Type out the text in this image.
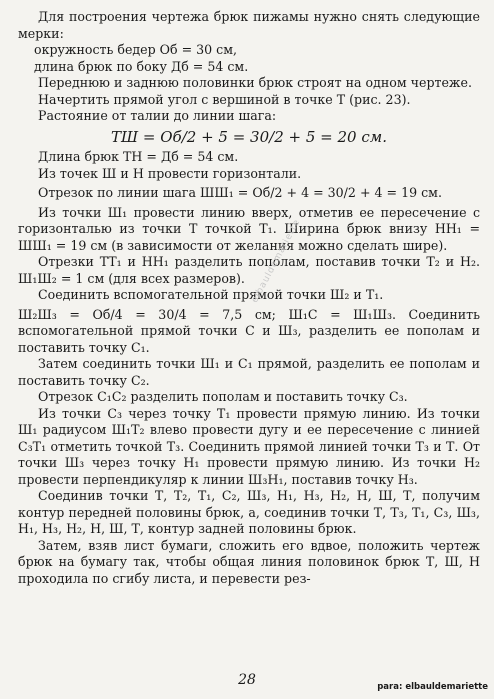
Для построения чертежа брюк пижамы нужно снять следующие мерки:

окружность бедер Об = 30 см,

длина брюк по боку Дб = 54 см.

Переднюю и заднюю половинки брюк строят на одном чертеже.

Начертить прямой угол с вершиной в точке Т (рис. 23).

Растояние от талии до линии шага:

ТШ = Об/2 + 5 = 30/2 + 5 = 20 см.

Длина брюк ТН = Дб = 54 см.

Из точек Ш и Н провести горизонтали.

Отрезок по линии шага ШШ₁ = Об/2 + 4 = 30/2 + 4 = 19 см.

Из точки Ш₁ провести линию вверх, отметив ее пересечение с горизонталью из точки Т точкой Т₁. Ширина брюк внизу НН₁ = ШШ₁ = 19 см (в зависимости от желания можно сделать шире).

Отрезки ТТ₁ и НН₁ разделить пополам, поставив точки Т₂ и Н₂. Ш₁Ш₂ = 1 см (для всех размеров).

Соединить вспомогательной прямой точки Ш₂ и Т₁.

Ш₂Ш₃ = Об/4 = 30/4 = 7,5 см; Ш₁С = Ш₁Ш₃. Соединить вспомогательной прямой точки С и Ш₃, разделить ее пополам и поставить точку С₁.

Затем соединить точки Ш₁ и С₁ прямой, разделить ее пополам и поставить точку С₂.

Отрезок С₁С₂ разделить пополам и поставить точку С₃.

Из точки С₃ через точку Т₁ провести прямую линию. Из точки Ш₁ радиусом Ш₁Т₂ влево провести дугу и ее пересечение с линией С₃Т₁ отметить точкой Т₃. Соединить прямой линией точки Т₃ и Т. От точки Ш₃ через точку Н₁ провести прямую линию. Из точки Н₂ провести перпендикуляр к линии Ш₃Н₁, поставив точку Н₃.

Соединив точки Т, Т₂, Т₁, С₂, Ш₃, Н₁, Н₃, Н₂, Н, Ш, Т, получим контур передней половины брюк, а, соединив точки Т, Т₃, Т₁, С₃, Ш₃, Н₁, Н₃, Н₂, Н, Ш, Т, контур задней половины брюк.

Затем, взяв лист бумаги, сложить его вдвое, положить чертеж брюк на бумагу так, чтобы общая линия половинок брюк Т, Ш, Н проходила по сгибу листа, и перевести рез-

elbauldemariette
28	para: elbauldemariette
